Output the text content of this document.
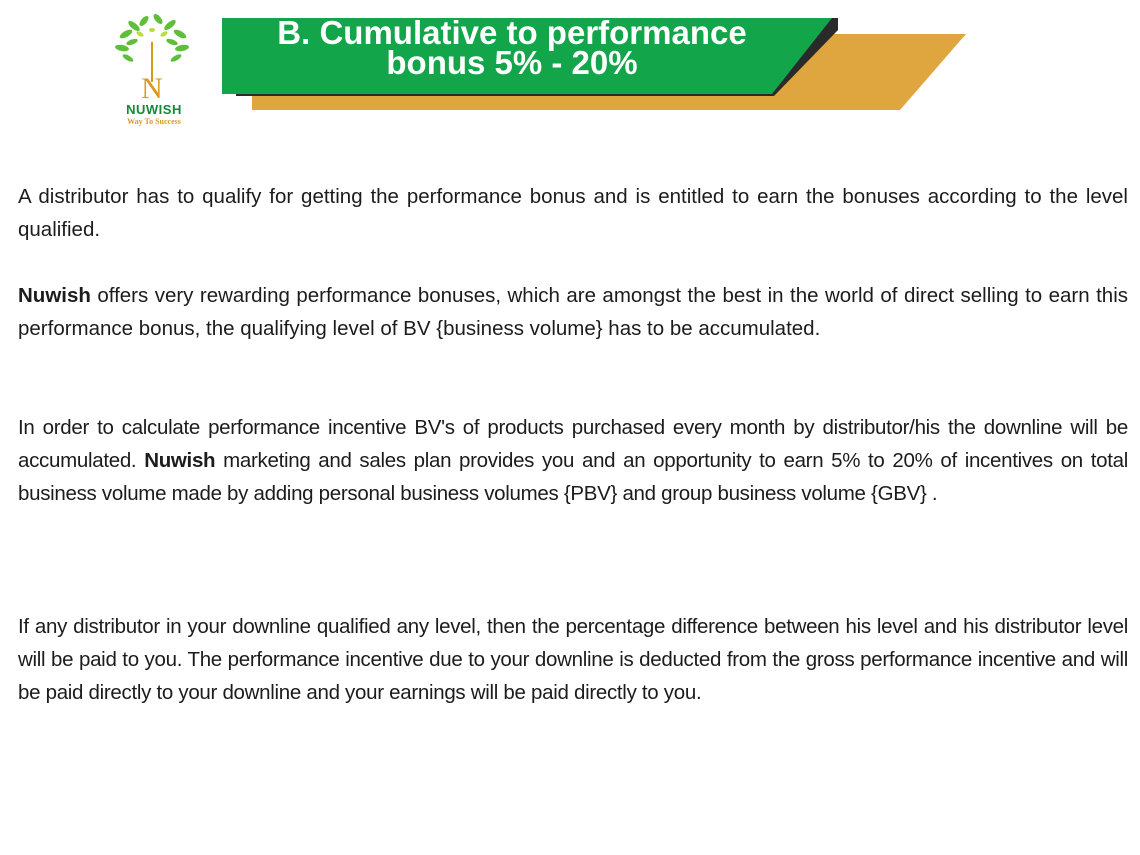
B. Cumulative to performance
bonus 5% - 20%
N
NUWISH
Way To Success

A distributor has to qualify for getting the performance bonus and is entitled to earn the bonuses according to the level qualified.

Nuwish offers very rewarding performance bonuses, which are amongst the best in the world of direct selling to earn this performance bonus, the qualifying level of BV {business volume} has to be accumulated.

In order to calculate performance incentive BV's of products purchased every month by distributor/his the downline will be accumulated. Nuwish marketing and sales plan provides you and an opportunity to earn 5% to 20% of incentives on total business volume made by adding personal business volumes {PBV} and group business volume {GBV} .

If any distributor in your downline qualified any level, then the percentage difference between his level and his distributor level will be paid to you. The performance incentive due to your downline is deducted from the gross performance incentive and will be paid directly to your downline and your earnings will be paid directly to you.
